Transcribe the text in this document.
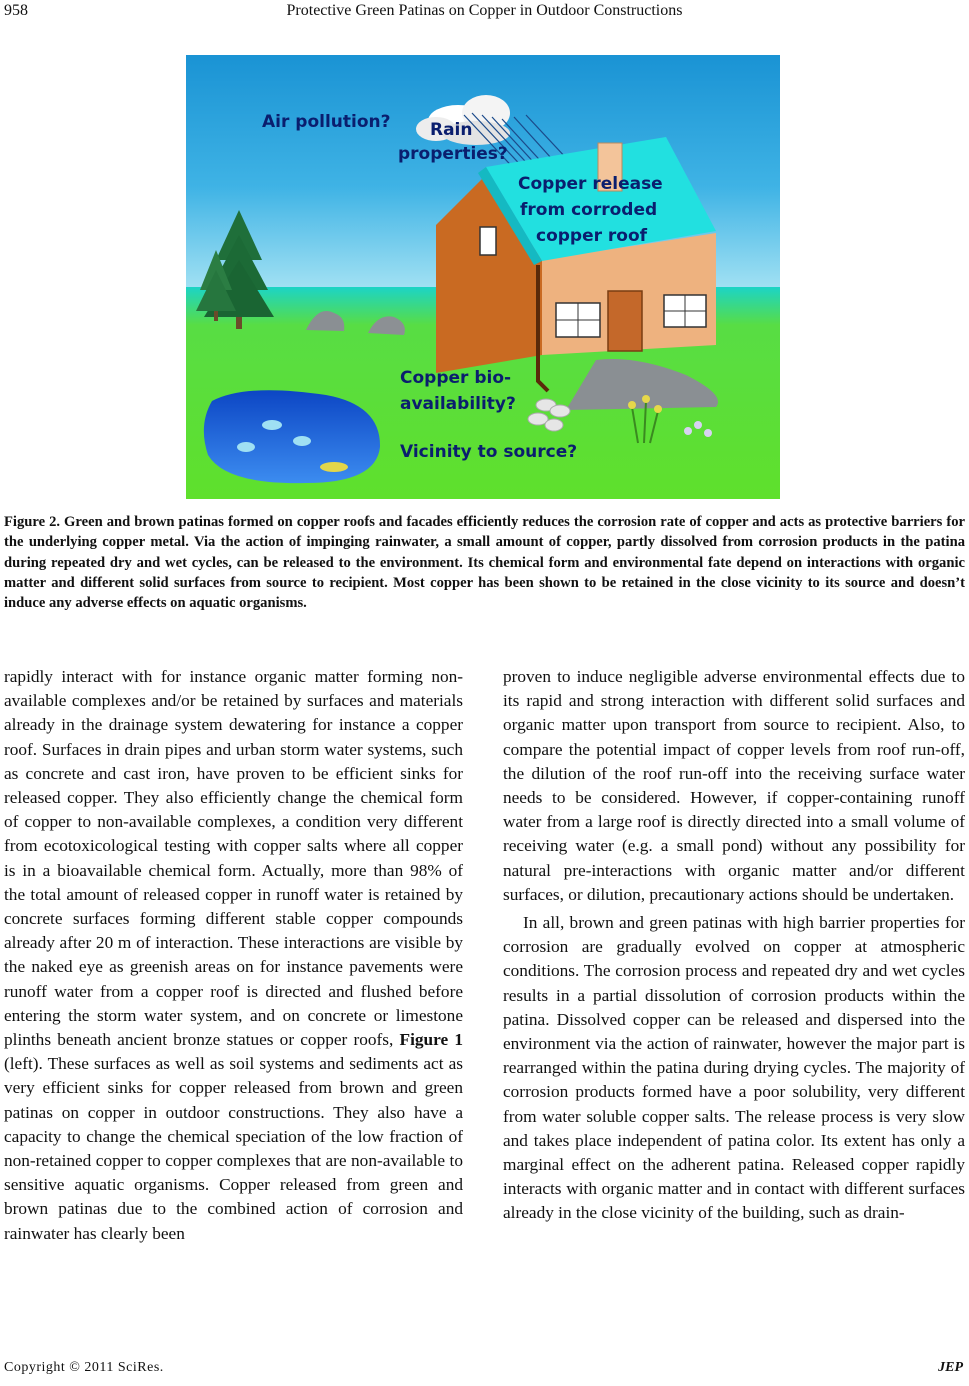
958	Protective Green Patinas on Copper in Outdoor Constructions
Air pollution? Rain
properties?
Copper release
from corroded
copper roof
Copper bio-
availability?
Vicinity to source?
Figure 2. Green and brown patinas formed on copper roofs and facades efficiently reduces the corrosion rate of copper and acts as protective barriers for the underlying copper metal. Via the action of impinging rainwater, a small amount of copper, partly dissolved from corrosion products in the patina during repeated dry and wet cycles, can be released to the environment. Its chemical form and environmental fate depend on interactions with organic matter and different solid surfaces from source to recipient. Most copper has been shown to be retained in the close vicinity to its source and doesn’t induce any adverse effects on aquatic organisms.

rapidly interact with for instance organic matter forming non-available complexes and/or be retained by surfaces and materials already in the drainage system dewatering for instance a copper roof. Surfaces in drain pipes and urban storm water systems, such as concrete and cast iron, have proven to be efficient sinks for released copper. They also efficiently change the chemical form of copper to non-available complexes, a condition very different from ecotoxicological testing with copper salts where all copper is in a bioavailable chemical form. Actually, more than 98% of the total amount of released copper in runoff water is retained by concrete surfaces forming different stable copper compounds already after 20 m of interaction. These interactions are visible by the naked eye as greenish areas on for instance pavements were runoff water from a copper roof is directed and flushed before entering the storm water system, and on concrete or limestone plinths beneath ancient bronze statues or copper roofs, Figure 1 (left). These surfaces as well as soil systems and sediments act as very efficient sinks for copper released from brown and green patinas on copper in outdoor constructions. They also have a capacity to change the chemical speciation of the low fraction of non-retained copper to copper complexes that are non-available to sensitive aquatic organisms. Copper released from green and brown patinas due to the combined action of corrosion and rainwater has clearly been

proven to induce negligible adverse environmental effects due to its rapid and strong interaction with different solid surfaces and organic matter upon transport from source to recipient. Also, to compare the potential impact of copper levels from roof run-off, the dilution of the roof run-off into the receiving surface water needs to be considered. However, if copper-containing runoff water from a large roof is directly directed into a small volume of receiving water (e.g. a small pond) without any possibility for natural pre-interactions with organic matter and/or different surfaces, or dilution, precautionary actions should be undertaken.

In all, brown and green patinas with high barrier properties for corrosion are gradually evolved on copper at atmospheric conditions. The corrosion process and repeated dry and wet cycles results in a partial dissolution of corrosion products within the patina. Dissolved copper can be released and dispersed into the environment via the action of rainwater, however the major part is rearranged within the patina during drying cycles. The majority of corrosion products formed have a poor solubility, very different from water soluble copper salts. The release process is very slow and takes place independent of patina color. Its extent has only a marginal effect on the adherent patina. Released copper rapidly interacts with organic matter and in contact with different surfaces already in the close vicinity of the building, such as drain-

Copyright © 2011 SciRes.	JEP
